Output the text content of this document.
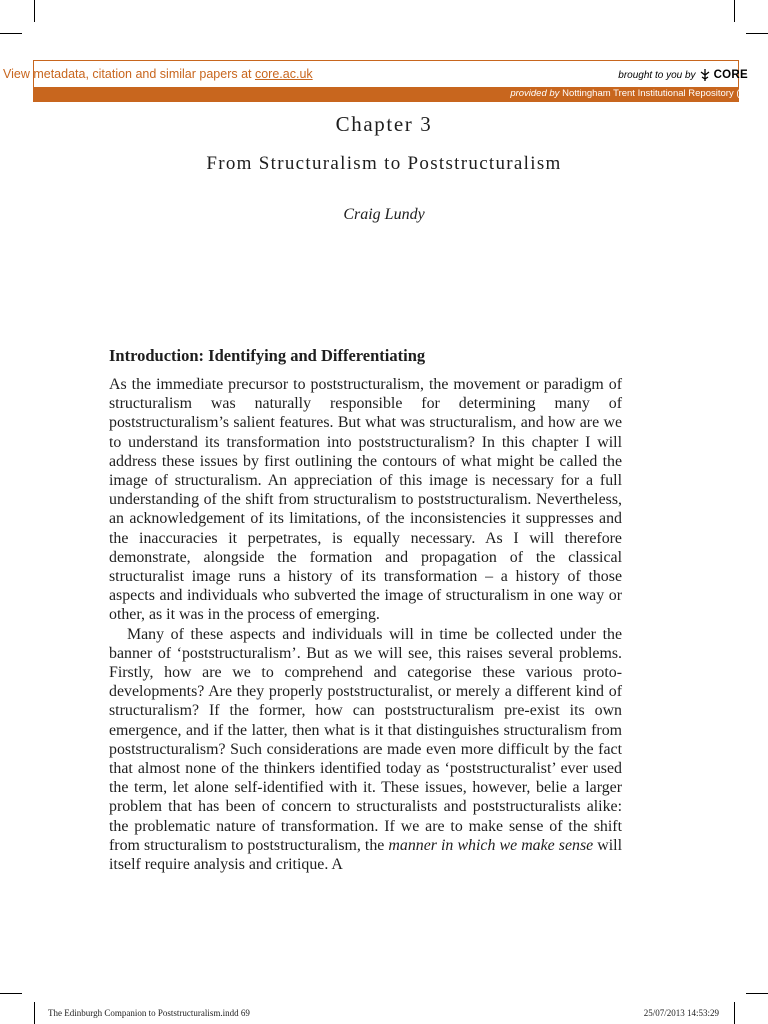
View metadata, citation and similar papers at core.ac.uk	brought to you by CORE
provided by Nottingham Trent Institutional Repository (IR
Chapter 3
From Structuralism to Poststructuralism
Craig Lundy
Introduction: Identifying and Differentiating

As the immediate precursor to poststructuralism, the movement or paradigm of structuralism was naturally responsible for determining many of poststructuralism’s salient features. But what was structuralism, and how are we to understand its transformation into poststructuralism? In this chapter I will address these issues by first outlining the contours of what might be called the image of structuralism. An appreciation of this image is necessary for a full understanding of the shift from structuralism to poststructuralism. Nevertheless, an acknowledgement of its limitations, of the inconsistencies it suppresses and the inaccuracies it perpetrates, is equally necessary. As I will therefore demonstrate, alongside the formation and propagation of the classical structuralist image runs a history of its transformation – a history of those aspects and individuals who subverted the image of structuralism in one way or other, as it was in the process of emerging.

Many of these aspects and individuals will in time be collected under the banner of ‘poststructuralism’. But as we will see, this raises several problems. Firstly, how are we to comprehend and categorise these various proto-developments? Are they properly poststructuralist, or merely a different kind of structuralism? If the former, how can poststructuralism pre-exist its own emergence, and if the latter, then what is it that distinguishes structuralism from poststructuralism? Such considerations are made even more difficult by the fact that almost none of the thinkers identified today as ‘poststructuralist’ ever used the term, let alone self-identified with it. These issues, however, belie a larger problem that has been of concern to structuralists and poststructuralists alike: the problematic nature of transformation. If we are to make sense of the shift from structuralism to poststructuralism, the manner in which we make sense will itself require analysis and critique. A

The Edinburgh Companion to Poststructuralism.indd 69	25/07/2013 14:53:29
